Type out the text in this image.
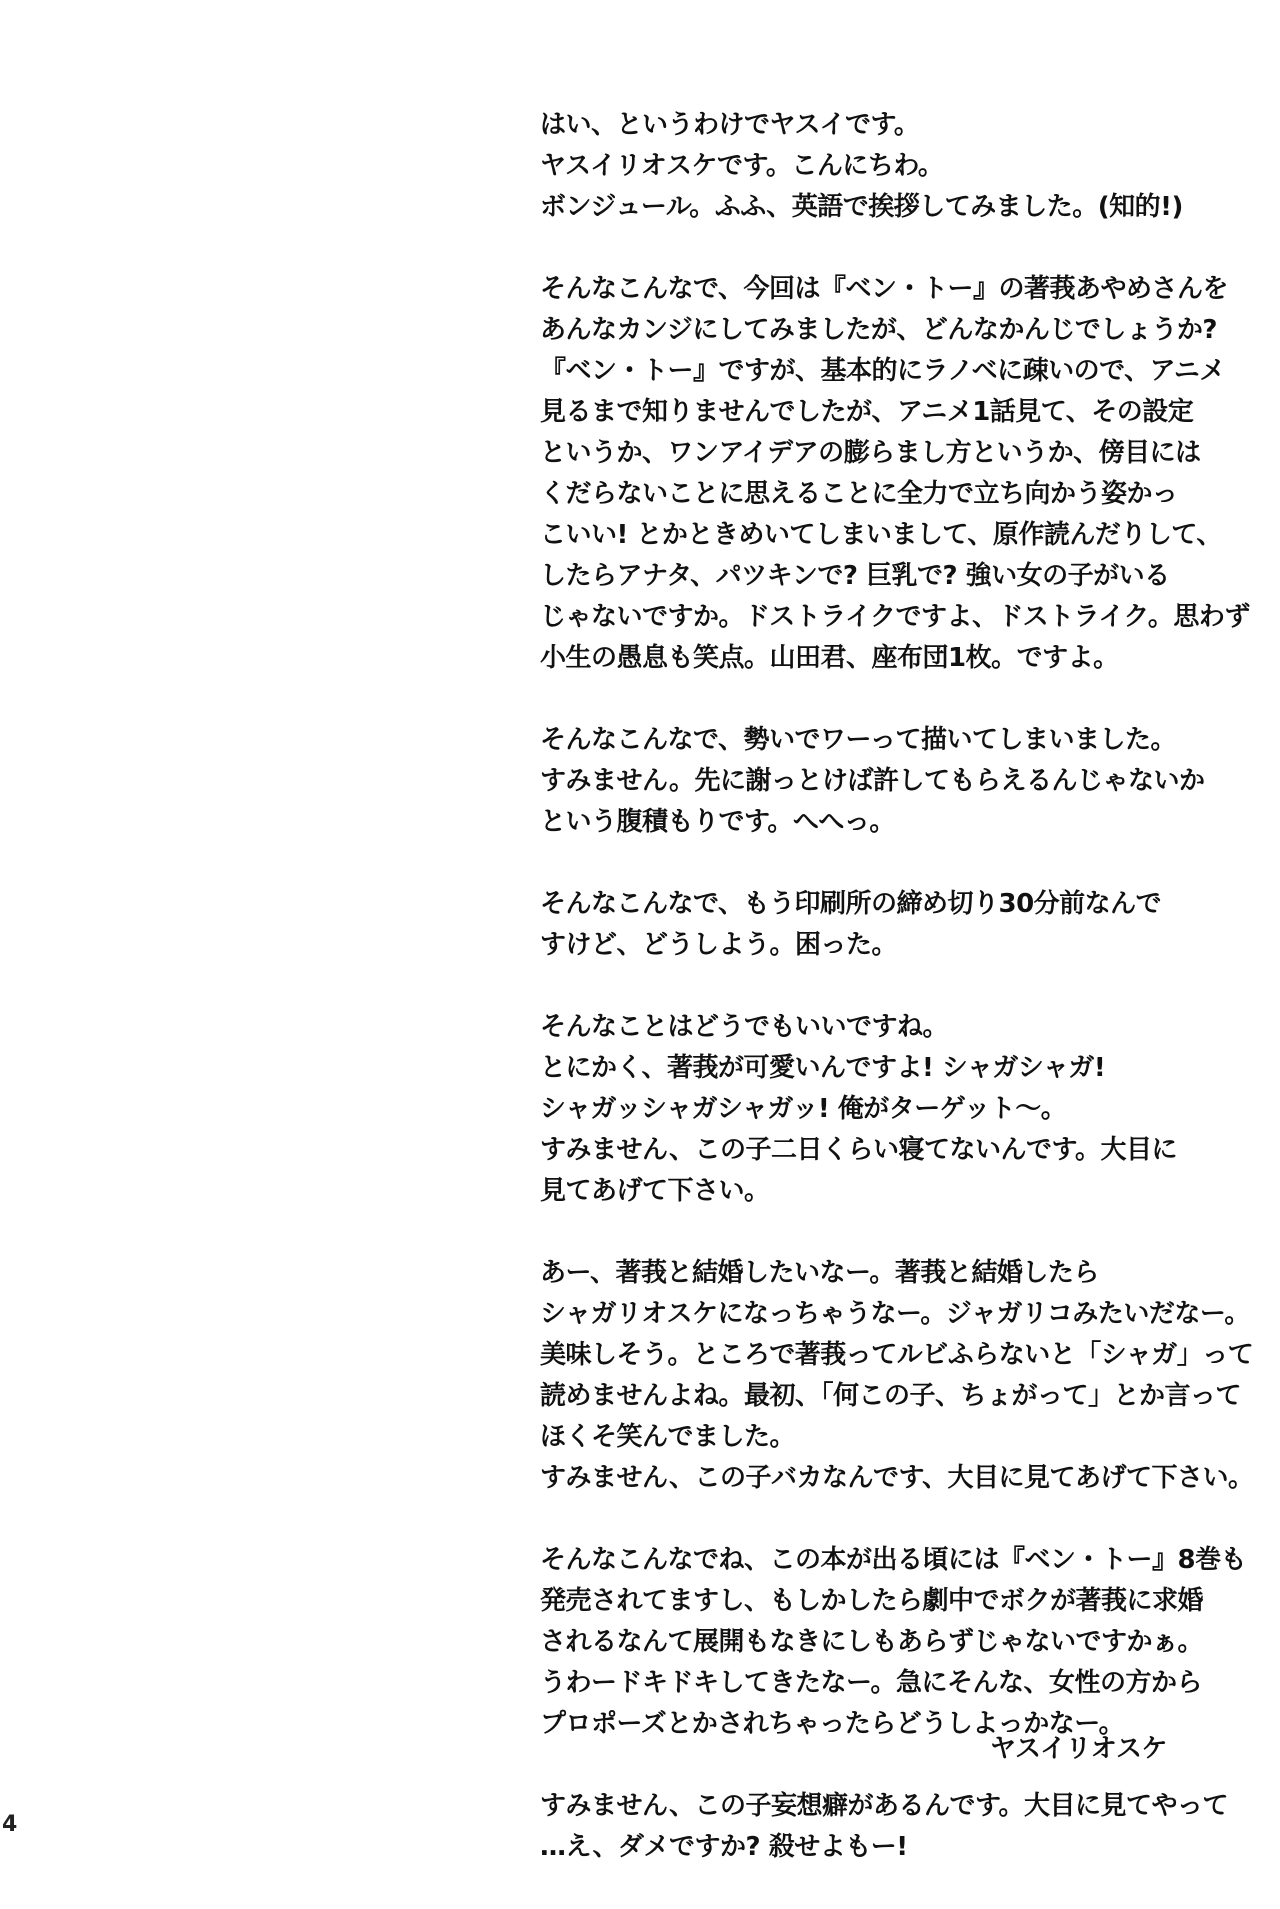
はい、というわけでヤスイです。
ヤスイリオスケです。こんにちわ。
ボンジュール。ふふ、英語で挨拶してみました。(知的!)
そんなこんなで、今回は『ベン・トー』の著莪あやめさんを
あんなカンジにしてみましたが、どんなかんじでしょうか?
『ベン・トー』ですが、基本的にラノベに疎いので、アニメ
見るまで知りませんでしたが、アニメ1話見て、その設定
というか、ワンアイデアの膨らまし方というか、傍目には
くだらないことに思えることに全力で立ち向かう姿かっ
こいい! とかときめいてしまいまして、原作読んだりして、
したらアナタ、パツキンで? 巨乳で? 強い女の子がいる
じゃないですか。ドストライクですよ、ドストライク。思わず
小生の愚息も笑点。山田君、座布団1枚。ですよ。
そんなこんなで、勢いでワーって描いてしまいました。
すみません。先に謝っとけば許してもらえるんじゃないか
という腹積もりです。へへっ。
そんなこんなで、もう印刷所の締め切り30分前なんで
すけど、どうしよう。困った。
そんなことはどうでもいいですね。
とにかく、著莪が可愛いんですよ! シャガシャガ!
シャガッシャガシャガッ! 俺がターゲット〜。
すみません、この子二日くらい寝てないんです。大目に
見てあげて下さい。
あー、著莪と結婚したいなー。著莪と結婚したら
シャガリオスケになっちゃうなー。ジャガリコみたいだなー。
美味しそう。ところで著莪ってルビふらないと「シャガ」って
読めませんよね。最初、「何この子、ちょがって」とか言って
ほくそ笑んでました。
すみません、この子バカなんです、大目に見てあげて下さい。
そんなこんなでね、この本が出る頃には『ベン・トー』8巻も
発売されてますし、もしかしたら劇中でボクが著莪に求婚
されるなんて展開もなきにしもあらずじゃないですかぁ。
うわードキドキしてきたなー。急にそんな、女性の方から
プロポーズとかされちゃったらどうしよっかなー。
すみません、この子妄想癖があるんです。大目に見てやって
…え、ダメですか? 殺せよもー!
ヤスイリオスケ
4
